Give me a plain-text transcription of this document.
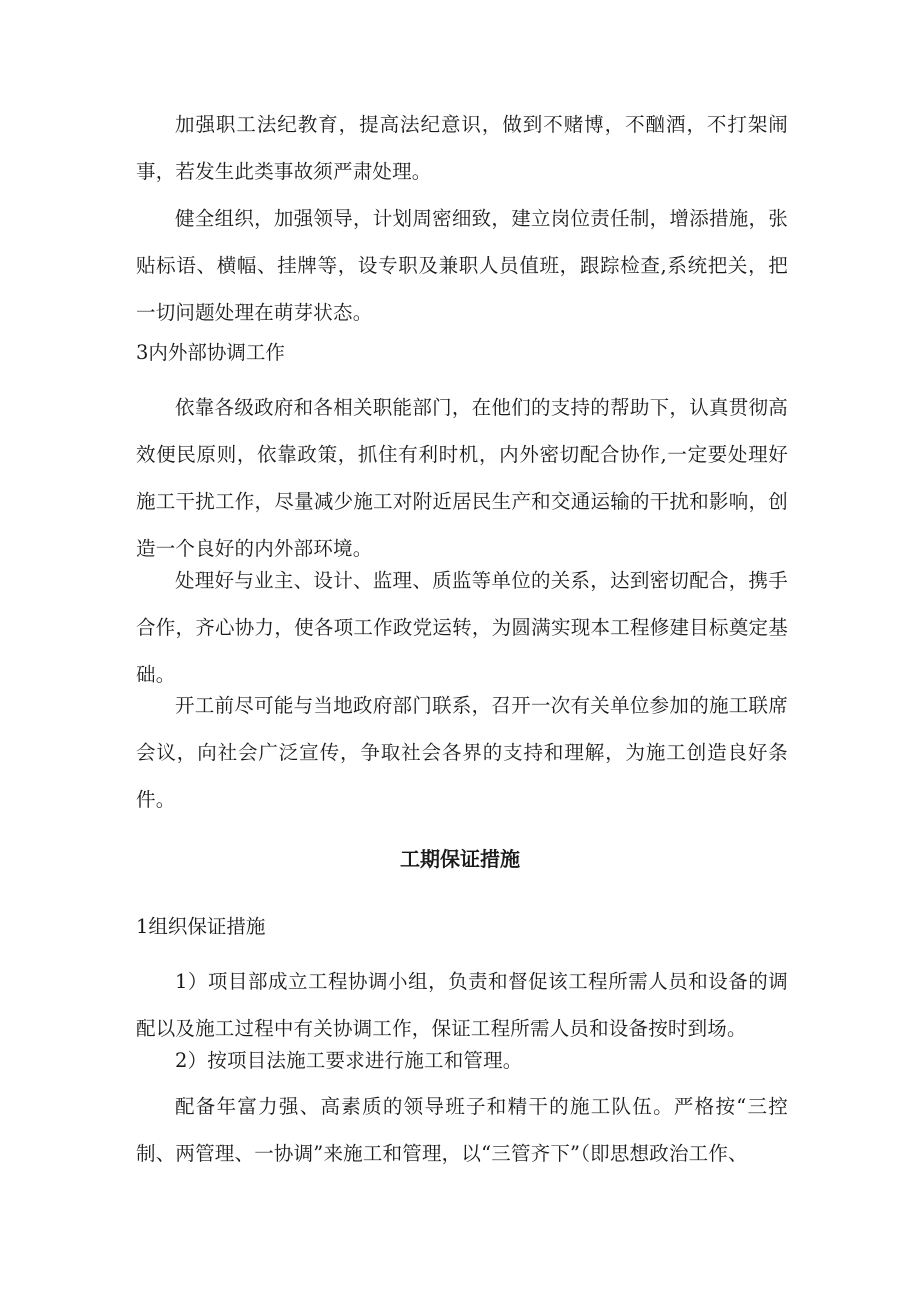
加强职工法纪教育，提高法纪意识，做到不赌博，不酗酒，不打架闹事，若发生此类事故须严肃处理。

健全组织，加强领导，计划周密细致，建立岗位责任制，增添措施，张贴标语、横幅、挂牌等，设专职及兼职人员值班，跟踪检查,系统把关，把一切问题处理在萌芽状态。

3内外部协调工作

依靠各级政府和各相关职能部门，在他们的支持的帮助下，认真贯彻高效便民原则，依靠政策，抓住有利时机，内外密切配合协作,一定要处理好施工干扰工作，尽量减少施工对附近居民生产和交通运输的干扰和影响，创造一个良好的内外部环境。

处理好与业主、设计、监理、质监等单位的关系，达到密切配合，携手合作，齐心协力，使各项工作政党运转，为圆满实现本工程修建目标奠定基础。

开工前尽可能与当地政府部门联系，召开一次有关单位参加的施工联席会议，向社会广泛宣传，争取社会各界的支持和理解，为施工创造良好条件。

工期保证措施

1组织保证措施

1）项目部成立工程协调小组，负责和督促该工程所需人员和设备的调配以及施工过程中有关协调工作，保证工程所需人员和设备按时到场。

2）按项目法施工要求进行施工和管理。

配备年富力强、高素质的领导班子和精干的施工队伍。严格按“三控制、两管理、一协调”来施工和管理，以“三管齐下”（即思想政治工作、
